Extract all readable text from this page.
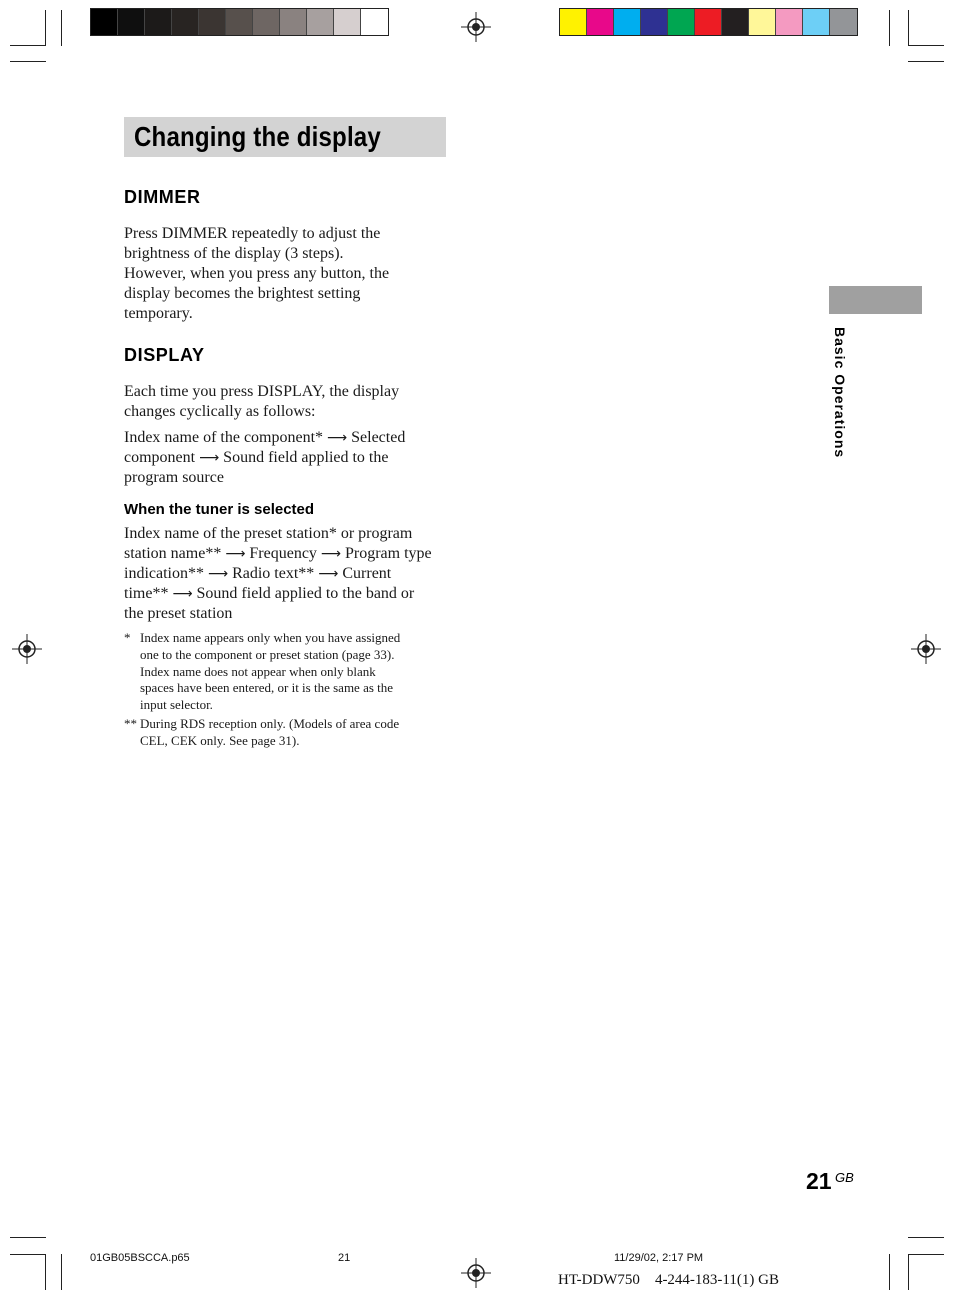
Changing the display
DIMMER
Press DIMMER repeatedly to adjust the
brightness of the display (3 steps).
However, when you press any button, the
display becomes the brightest setting
temporary.
DISPLAY
Each time you press DISPLAY, the display
changes cyclically as follows:
Index name of the component* ⟶ Selected
component ⟶ Sound field applied to the
program source
When the tuner is selected
Index name of the preset station* or program
station name** ⟶ Frequency ⟶ Program type
indication** ⟶ Radio text** ⟶ Current
time** ⟶ Sound field applied to the band or
the preset station
* Index name appears only when you have assigned
one to the component or preset station (page 33).
Index name does not appear when only blank
spaces have been entered, or it is the same as the
input selector.
** During RDS reception only. (Models of area code
CEL, CEK only. See page 31).
Basic Operations
21 GB
01GB05BSCCA.p65	21	11/29/02, 2:17 PM
HT-DDW750 4-244-183-11(1) GB
